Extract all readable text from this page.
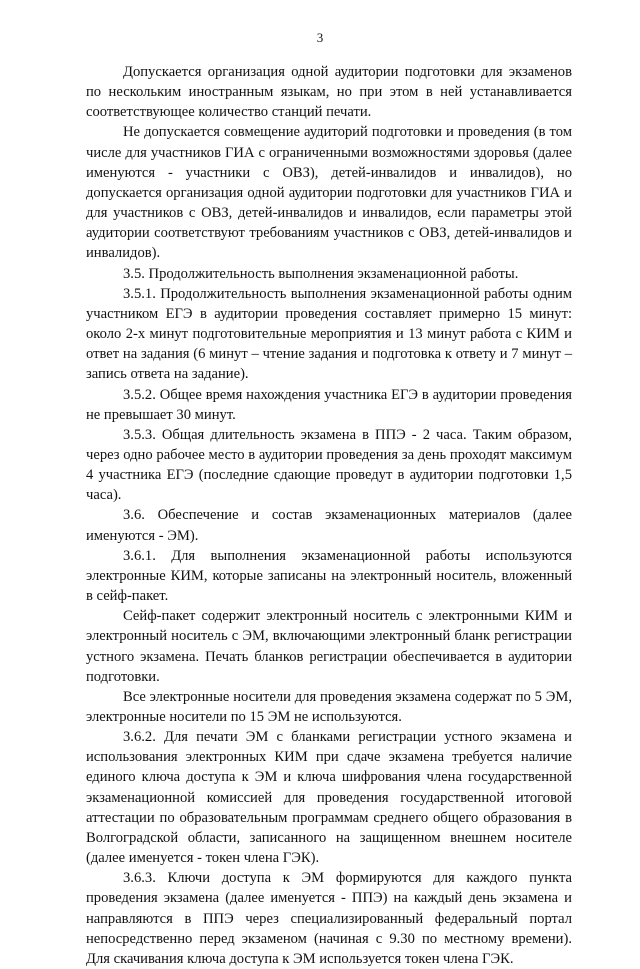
3

Допускается организация одной аудитории подготовки для экзаменов по нескольким иностранным языкам, но при этом в ней устанавливается соответствующее количество станций печати.

Не допускается совмещение аудиторий подготовки и проведения (в том числе для участников ГИА с ограниченными возможностями здоровья (далее именуются - участники с ОВЗ), детей-инвалидов и инвалидов), но допускается организация одной аудитории подготовки для участников ГИА и для участников с ОВЗ, детей-инвалидов и инвалидов, если параметры этой аудитории соответствуют требованиям участников с ОВЗ, детей-инвалидов и инвалидов).

3.5. Продолжительность выполнения экзаменационной работы.

3.5.1. Продолжительность выполнения экзаменационной работы одним участником ЕГЭ в аудитории проведения составляет примерно 15 минут: около 2-х минут подготовительные мероприятия и 13 минут работа с КИМ и ответ на задания (6 минут – чтение задания и подготовка к ответу и 7 минут – запись ответа на задание).

3.5.2. Общее время нахождения участника ЕГЭ в аудитории проведения не превышает 30 минут.

3.5.3. Общая длительность экзамена в ППЭ - 2 часа. Таким образом, через одно рабочее место в аудитории проведения за день проходят максимум 4 участника ЕГЭ (последние сдающие проведут в аудитории подготовки 1,5 часа).

3.6. Обеспечение и состав экзаменационных материалов (далее именуются - ЭМ).

3.6.1. Для выполнения экзаменационной работы используются электронные КИМ, которые записаны на электронный носитель, вложенный в сейф-пакет.

Сейф-пакет содержит электронный носитель с электронными КИМ и электронный носитель с ЭМ, включающими электронный бланк регистрации устного экзамена. Печать бланков регистрации обеспечивается в аудитории подготовки.

Все электронные носители для проведения экзамена содержат по 5 ЭМ, электронные носители по 15 ЭМ не используются.

3.6.2. Для печати ЭМ с бланками регистрации устного экзамена и использования электронных КИМ при сдаче экзамена требуется наличие единого ключа доступа к ЭМ и ключа шифрования члена государственной экзаменационной комиссией для проведения государственной итоговой аттестации по образовательным программам среднего общего образования в Волгоградской области, записанного на защищенном внешнем носителе (далее именуется - токен члена ГЭК).

3.6.3. Ключи доступа к ЭМ формируются для каждого пункта проведения экзамена (далее именуется - ППЭ) на каждый день экзамена и направляются в ППЭ через специализированный федеральный портал непосредственно перед экзаменом (начиная с 9.30 по местному времени). Для скачивания ключа доступа к ЭМ используется токен члена ГЭК.
